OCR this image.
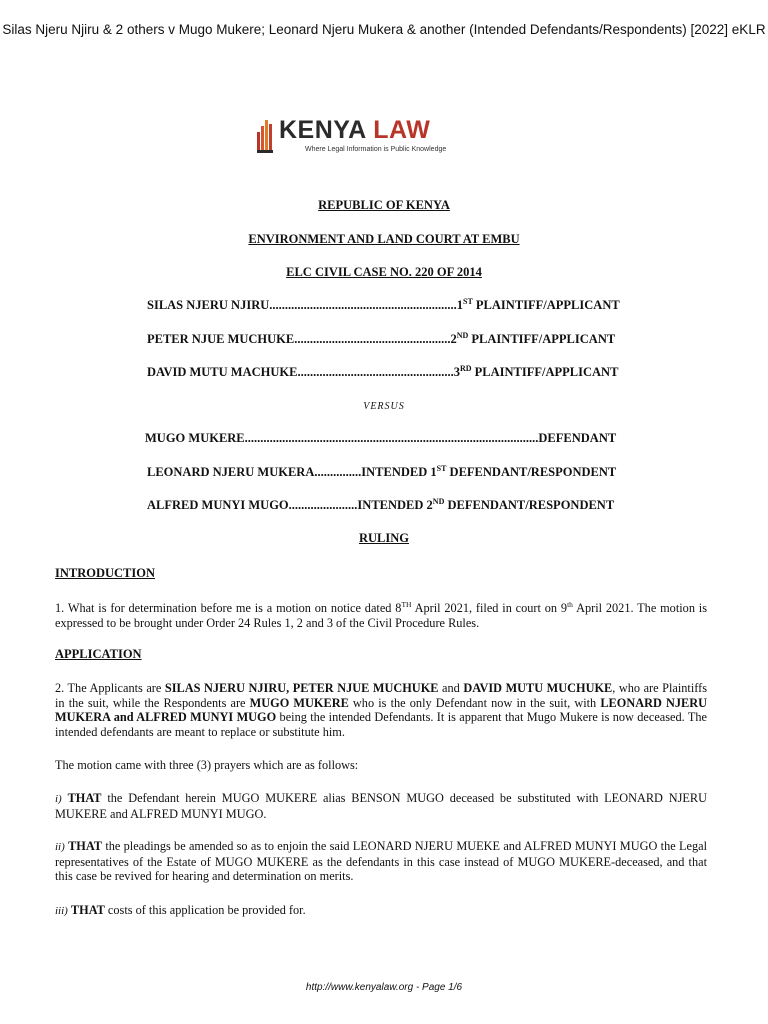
Silas Njeru Njiru & 2 others v Mugo Mukere; Leonard Njeru Mukera & another (Intended Defendants/Respondents) [2022] eKLR
KENYA LAW
Where Legal Information is Public Knowledge
REPUBLIC OF KENYA
ENVIRONMENT AND LAND COURT AT EMBU
ELC CIVIL CASE NO. 220 OF 2014
SILAS NJERU NJIRU............................................................1ST PLAINTIFF/APPLICANT
PETER NJUE MUCHUKE..................................................2ND PLAINTIFF/APPLICANT
DAVID MUTU MACHUKE..................................................3RD PLAINTIFF/APPLICANT
VERSUS
MUGO MUKERE..............................................................................................DEFENDANT
LEONARD NJERU MUKERA...............INTENDED 1ST DEFENDANT/RESPONDENT
ALFRED MUNYI MUGO......................INTENDED 2ND DEFENDANT/RESPONDENT
RULING
INTRODUCTION
1. What is for determination before me is a motion on notice dated 8TH April 2021, filed in court on 9th April 2021. The motion is expressed to be brought under Order 24 Rules 1, 2 and 3 of the Civil Procedure Rules.
APPLICATION
2. The Applicants are SILAS NJERU NJIRU, PETER NJUE MUCHUKE and DAVID MUTU MUCHUKE, who are Plaintiffs in the suit, while the Respondents are MUGO MUKERE who is the only Defendant now in the suit, with LEONARD NJERU MUKERA and ALFRED MUNYI MUGO being the intended Defendants. It is apparent that Mugo Mukere is now deceased. The intended defendants are meant to replace or substitute him.
The motion came with three (3) prayers which are as follows:
i) THAT the Defendant herein MUGO MUKERE alias BENSON MUGO deceased be substituted with LEONARD NJERU MUKERE and ALFRED MUNYI MUGO.
ii) THAT the pleadings be amended so as to enjoin the said LEONARD NJERU MUEKE and ALFRED MUNYI MUGO the Legal representatives of the Estate of MUGO MUKERE as the defendants in this case instead of MUGO MUKERE-deceased, and that this case be revived for hearing and determination on merits.
iii) THAT costs of this application be provided for.
http://www.kenyalaw.org - Page 1/6
